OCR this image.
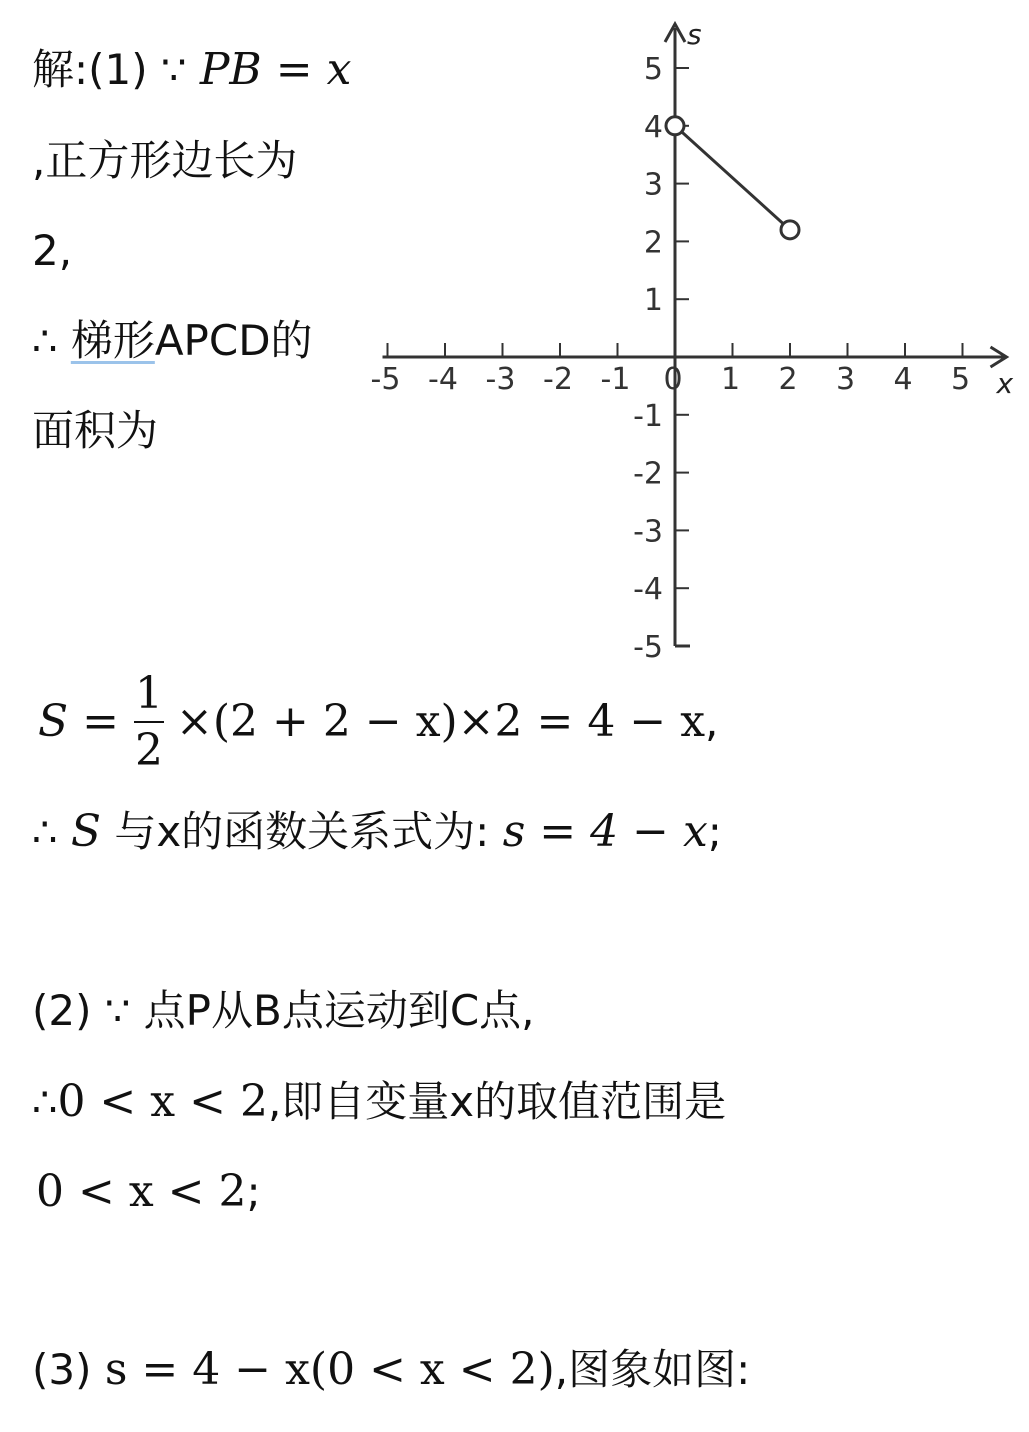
解:(1) ∵ PB = x
,正方形边长为
2,
∴ 梯形APCD的
面积为
S =
1
2
×(2 + 2 − x)×2 = 4 − x,
∴ S 与x的函数关系式为: s = 4 − x;
(2) ∵ 点P从B点运动到C点,
∴0 < x < 2,即自变量x的取值范围是
0 < x < 2;
(3) s = 4 − x(0 < x < 2),图象如图:
x
s
-5 -4 -3 -2 -1 0 1 2 3 4 5
5
4
3
2
1
-1
-2
-3
-4
-5
